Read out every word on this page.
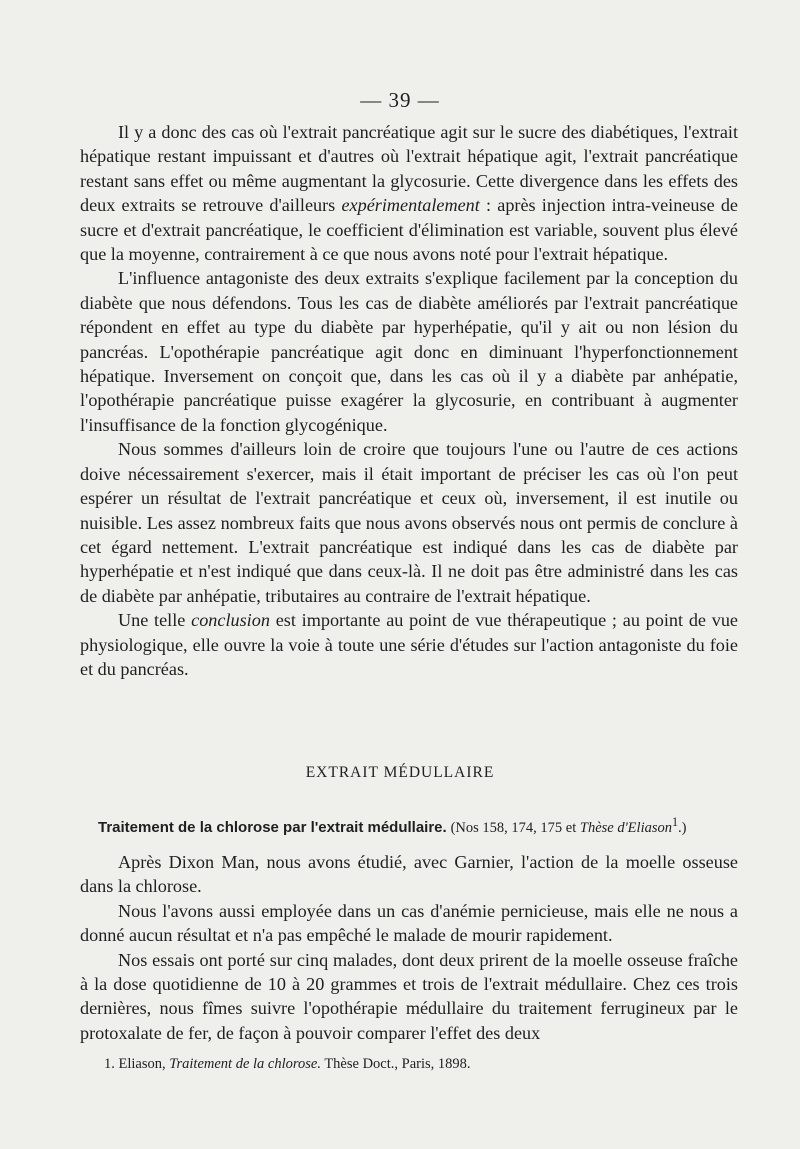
— 39 —

Il y a donc des cas où l'extrait pancréatique agit sur le sucre des diabétiques, l'extrait hépatique restant impuissant et d'autres où l'extrait hépatique agit, l'extrait pancréatique restant sans effet ou même augmentant la glycosurie. Cette divergence dans les effets des deux extraits se retrouve d'ailleurs expérimentalement : après injection intra-veineuse de sucre et d'extrait pancréatique, le coefficient d'élimination est variable, souvent plus élevé que la moyenne, contrairement à ce que nous avons noté pour l'extrait hépatique.

L'influence antagoniste des deux extraits s'explique facilement par la conception du diabète que nous défendons. Tous les cas de diabète améliorés par l'extrait pancréatique répondent en effet au type du diabète par hyperhépatie, qu'il y ait ou non lésion du pancréas. L'opothérapie pancréatique agit donc en diminuant l'hyperfonctionnement hépatique. Inversement on conçoit que, dans les cas où il y a diabète par anhépatie, l'opothérapie pancréatique puisse exagérer la glycosurie, en contribuant à augmenter l'insuffisance de la fonction glycogénique.

Nous sommes d'ailleurs loin de croire que toujours l'une ou l'autre de ces actions doive nécessairement s'exercer, mais il était important de préciser les cas où l'on peut espérer un résultat de l'extrait pancréatique et ceux où, inversement, il est inutile ou nuisible. Les assez nombreux faits que nous avons observés nous ont permis de conclure à cet égard nettement. L'extrait pancréatique est indiqué dans les cas de diabète par hyperhépatie et n'est indiqué que dans ceux-là. Il ne doit pas être administré dans les cas de diabète par anhépatie, tributaires au contraire de l'extrait hépatique.

Une telle conclusion est importante au point de vue thérapeutique ; au point de vue physiologique, elle ouvre la voie à toute une série d'études sur l'action antagoniste du foie et du pancréas.

EXTRAIT MÉDULLAIRE
Traitement de la chlorose par l'extrait médullaire. (Nos 158, 174, 175 et Thèse d'Eliason$^1$.)

Après Dixon Man, nous avons étudié, avec Garnier, l'action de la moelle osseuse dans la chlorose.

Nous l'avons aussi employée dans un cas d'anémie pernicieuse, mais elle ne nous a donné aucun résultat et n'a pas empêché le malade de mourir rapidement.

Nos essais ont porté sur cinq malades, dont deux prirent de la moelle osseuse fraîche à la dose quotidienne de 10 à 20 grammes et trois de l'extrait médullaire. Chez ces trois dernières, nous fîmes suivre l'opothérapie médullaire du traitement ferrugineux par le protoxalate de fer, de façon à pouvoir comparer l'effet des deux

1. Eliason, Traitement de la chlorose. Thèse Doct., Paris, 1898.
